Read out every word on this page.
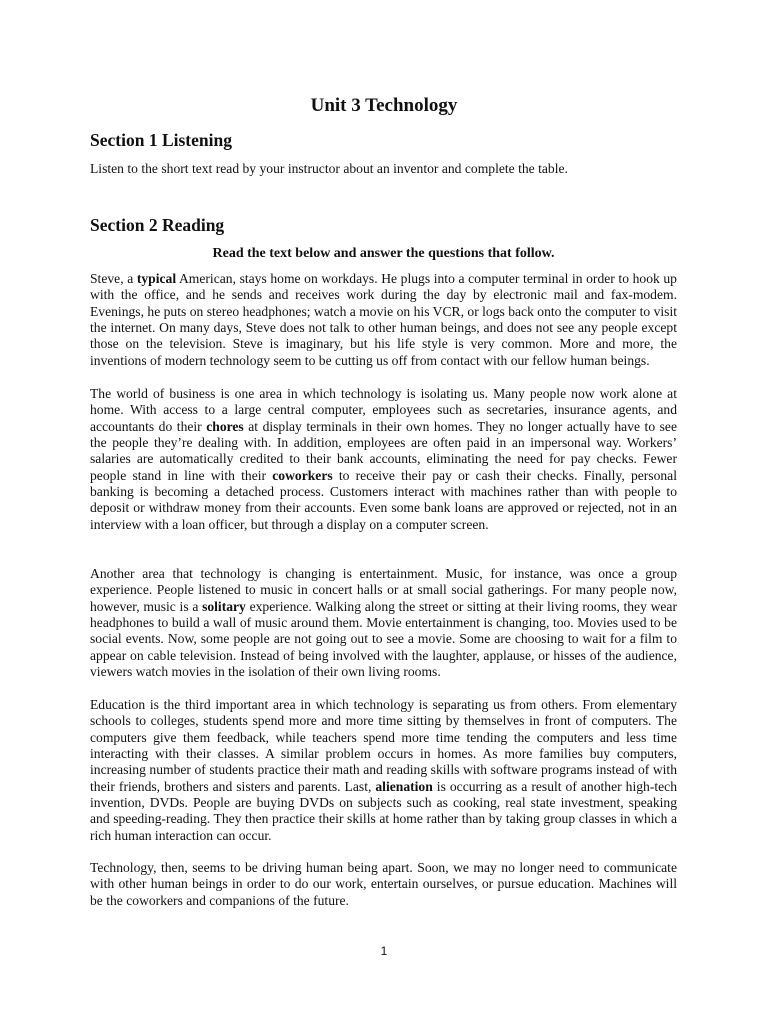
Unit 3 Technology
Section 1 Listening

Listen to the short text read by your instructor about an inventor and complete the table.

Section 2 Reading

Read the text below and answer the questions that follow.

Steve, a typical American, stays home on workdays. He plugs into a computer terminal in order to hook up with the office, and he sends and receives work during the day by electronic mail and fax-modem. Evenings, he puts on stereo headphones; watch a movie on his VCR, or logs back onto the computer to visit the internet. On many days, Steve does not talk to other human beings, and does not see any people except those on the television. Steve is imaginary, but his life style is very common. More and more, the inventions of modern technology seem to be cutting us off from contact with our fellow human beings.

The world of business is one area in which technology is isolating us. Many people now work alone at home. With access to a large central computer, employees such as secretaries, insurance agents, and accountants do their chores at display terminals in their own homes. They no longer actually have to see the people they’re dealing with. In addition, employees are often paid in an impersonal way. Workers’ salaries are automatically credited to their bank accounts, eliminating the need for pay checks. Fewer people stand in line with their coworkers to receive their pay or cash their checks. Finally, personal banking is becoming a detached process. Customers interact with machines rather than with people to deposit or withdraw money from their accounts. Even some bank loans are approved or rejected, not in an interview with a loan officer, but through a display on a computer screen.

Another area that technology is changing is entertainment. Music, for instance, was once a group experience. People listened to music in concert halls or at small social gatherings. For many people now, however, music is a solitary experience. Walking along the street or sitting at their living rooms, they wear headphones to build a wall of music around them. Movie entertainment is changing, too. Movies used to be social events. Now, some people are not going out to see a movie. Some are choosing to wait for a film to appear on cable television. Instead of being involved with the laughter, applause, or hisses of the audience, viewers watch movies in the isolation of their own living rooms.

Education is the third important area in which technology is separating us from others. From elementary schools to colleges, students spend more and more time sitting by themselves in front of computers. The computers give them feedback, while teachers spend more time tending the computers and less time interacting with their classes. A similar problem occurs in homes. As more families buy computers, increasing number of students practice their math and reading skills with software programs instead of with their friends, brothers and sisters and parents. Last, alienation is occurring as a result of another high-tech invention, DVDs. People are buying DVDs on subjects such as cooking, real state investment, speaking and speeding-reading. They then practice their skills at home rather than by taking group classes in which a rich human interaction can occur.

Technology, then, seems to be driving human being apart. Soon, we may no longer need to communicate with other human beings in order to do our work, entertain ourselves, or pursue education. Machines will be the coworkers and companions of the future.

1
